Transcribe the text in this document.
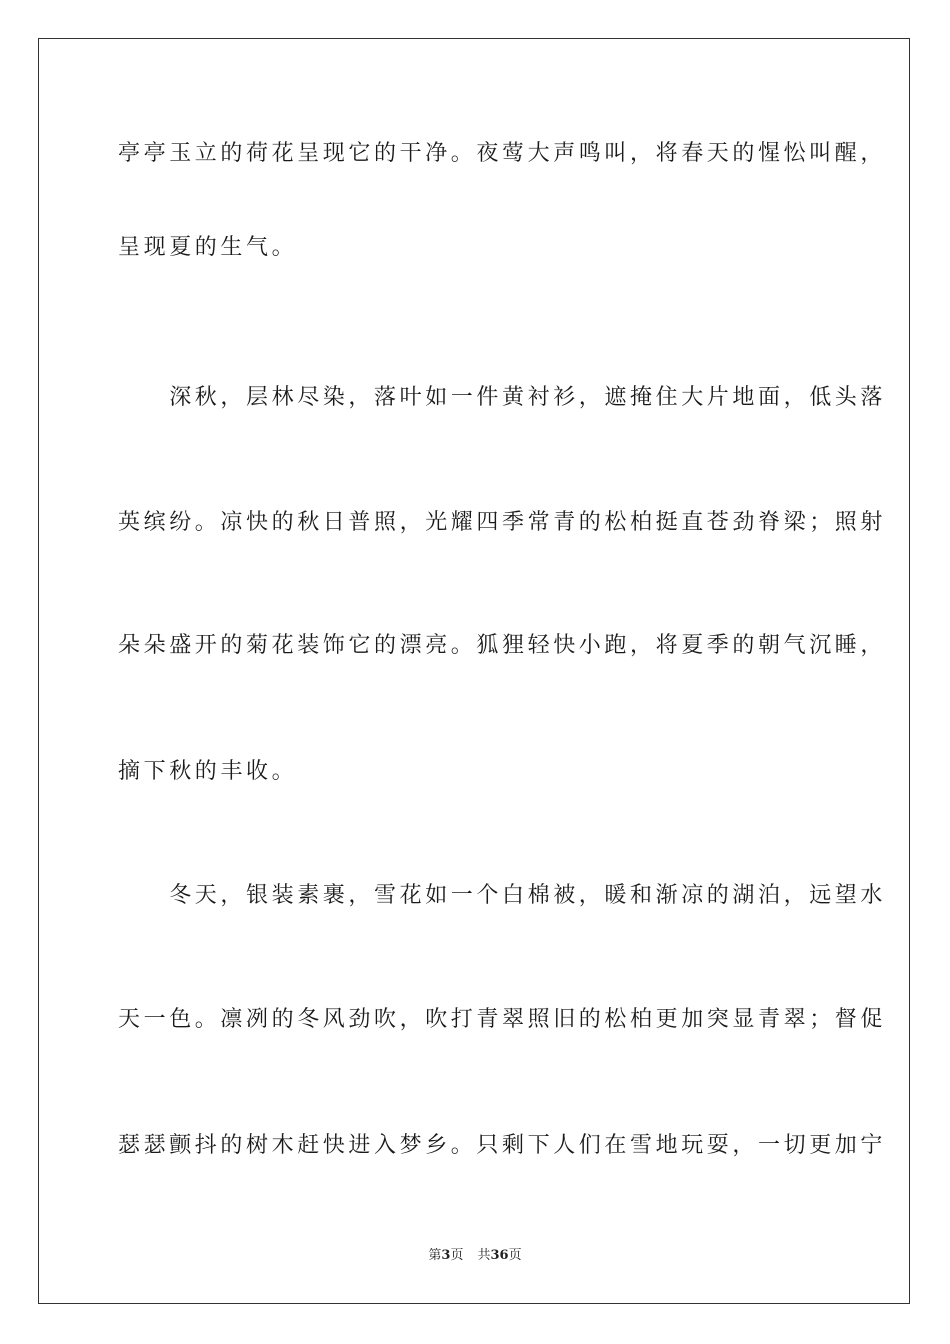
亭亭玉立的荷花呈现它的干净。夜莺大声鸣叫，将春天的惺忪叫醒，
呈现夏的生气。
　　深秋，层林尽染，落叶如一件黄衬衫，遮掩住大片地面，低头落
英缤纷。凉快的秋日普照，光耀四季常青的松柏挺直苍劲脊梁；照射
朵朵盛开的菊花装饰它的漂亮。狐狸轻快小跑，将夏季的朝气沉睡，
摘下秋的丰收。
　　冬天，银装素裹，雪花如一个白棉被，暖和渐凉的湖泊，远望水
天一色。凛冽的冬风劲吹，吹打青翠照旧的松柏更加突显青翠；督促
瑟瑟颤抖的树木赶快进入梦乡。只剩下人们在雪地玩耍，一切更加宁
第3页 共36页
